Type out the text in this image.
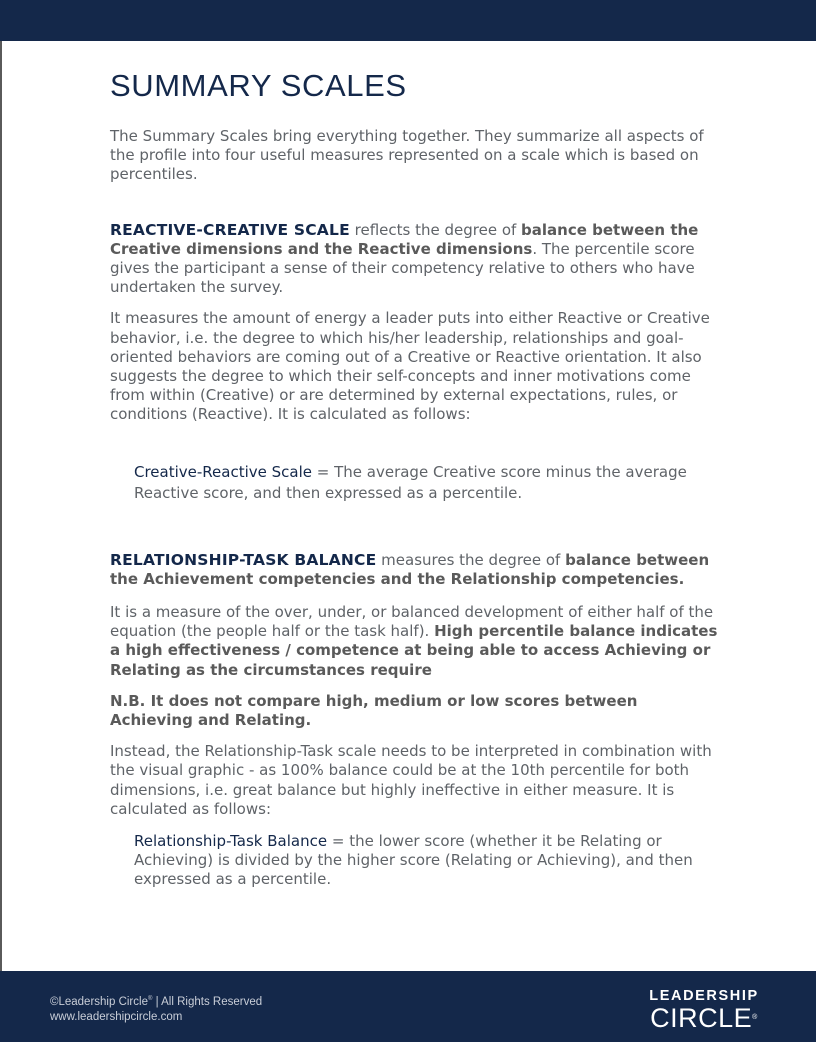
SUMMARY SCALES

The Summary Scales bring everything together. They summarize all aspects of the profile into four useful measures represented on a scale which is based on percentiles.

REACTIVE-CREATIVE SCALE reflects the degree of balance between the Creative dimensions and the Reactive dimensions. The percentile score gives the participant a sense of their competency relative to others who have undertaken the survey.

It measures the amount of energy a leader puts into either Reactive or Creative behavior, i.e. the degree to which his/her leadership, relationships and goal-oriented behaviors are coming out of a Creative or Reactive orientation. It also suggests the degree to which their self-concepts and inner motivations come from within (Creative) or are determined by external expectations, rules, or conditions (Reactive). It is calculated as follows:

Creative-Reactive Scale = The average Creative score minus the average Reactive score, and then expressed as a percentile.

RELATIONSHIP-TASK BALANCE measures the degree of balance between the Achievement competencies and the Relationship competencies.

It is a measure of the over, under, or balanced development of either half of the equation (the people half or the task half). High percentile balance indicates a high effectiveness / competence at being able to access Achieving or Relating as the circumstances require

N.B. It does not compare high, medium or low scores between Achieving and Relating.

Instead, the Relationship-Task scale needs to be interpreted in combination with the visual graphic - as 100% balance could be at the 10th percentile for both dimensions, i.e. great balance but highly ineffective in either measure. It is calculated as follows:

Relationship-Task Balance = the lower score (whether it be Relating or Achieving) is divided by the higher score (Relating or Achieving), and then expressed as a percentile.

©Leadership Circle® | All Rights Reserved
www.leadershipcircle.com
LEADERSHIP
CIRCLE®
